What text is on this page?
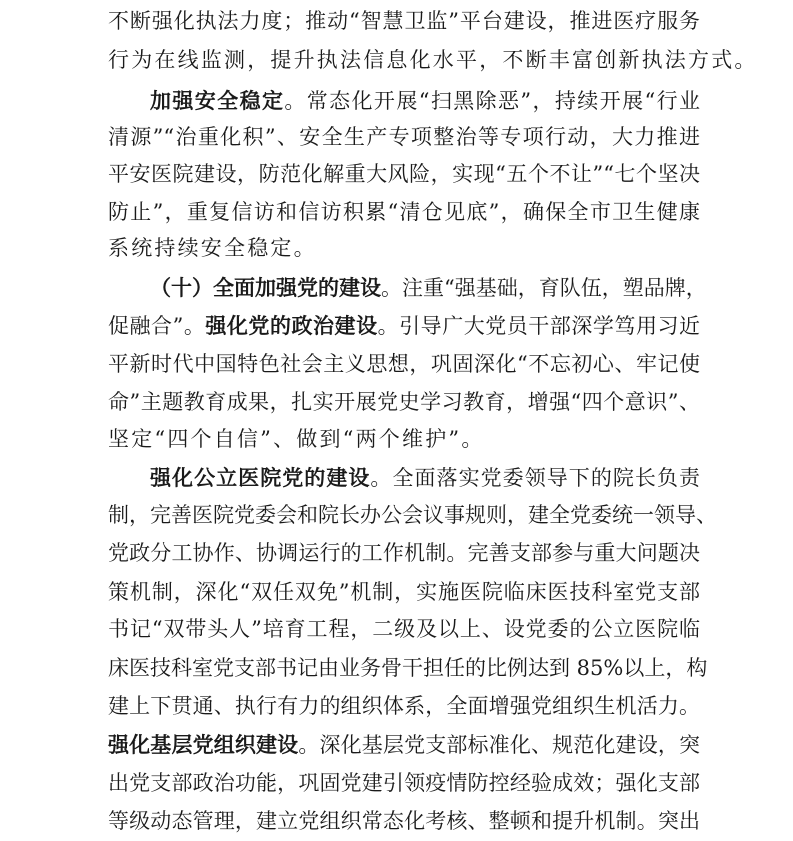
不断强化执法力度；推动“智慧卫监”平台建设，推进医疗服务
行为在线监测，提升执法信息化水平，不断丰富创新执法方式。
加强安全稳定。常态化开展“扫黑除恶”，持续开展“行业
清源”“治重化积”、安全生产专项整治等专项行动，大力推进
平安医院建设，防范化解重大风险，实现“五个不让”“七个坚决
防止”，重复信访和信访积累“清仓见底”，确保全市卫生健康
系统持续安全稳定。
（十）全面加强党的建设。注重“强基础，育队伍，塑品牌，
促融合”。强化党的政治建设。引导广大党员干部深学笃用习近
平新时代中国特色社会主义思想，巩固深化“不忘初心、牢记使
命”主题教育成果，扎实开展党史学习教育，增强“四个意识”、
坚定“四个自信”、做到“两个维护”。
强化公立医院党的建设。全面落实党委领导下的院长负责
制，完善医院党委会和院长办公会议事规则，建全党委统一领导、
党政分工协作、协调运行的工作机制。完善支部参与重大问题决
策机制，深化“双任双免”机制，实施医院临床医技科室党支部
书记“双带头人”培育工程，二级及以上、设党委的公立医院临
床医技科室党支部书记由业务骨干担任的比例达到 85%以上，构
建上下贯通、执行有力的组织体系，全面增强党组织生机活力。
强化基层党组织建设。深化基层党支部标准化、规范化建设，突
出党支部政治功能，巩固党建引领疫情防控经验成效；强化支部
等级动态管理，建立党组织常态化考核、整顿和提升机制。突出
